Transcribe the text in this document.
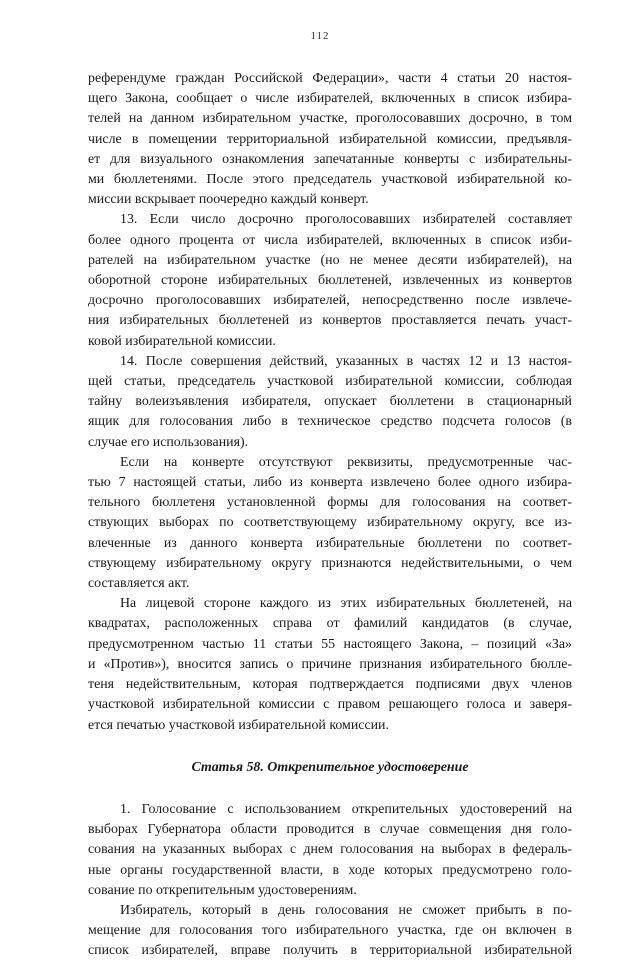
112
референдуме граждан Российской Федерации», части 4 статьи 20 настоя-
щего Закона, сообщает о числе избирателей, включенных в список избира-
телей на данном избирательном участке, проголосовавших досрочно, в том
числе в помещении территориальной избирательной комиссии, предъявля-
ет для визуального ознакомления запечатанные конверты с избирательны-
ми бюллетенями. После этого председатель участковой избирательной ко-
миссии вскрывает поочередно каждый конверт.
13. Если число досрочно проголосовавших избирателей составляет
более одного процента от числа избирателей, включенных в список изби-
рателей на избирательном участке (но не менее десяти избирателей), на
оборотной стороне избирательных бюллетеней, извлеченных из конвертов
досрочно проголосовавших избирателей, непосредственно после извлече-
ния избирательных бюллетеней из конвертов проставляется печать участ-
ковой избирательной комиссии.
14. После совершения действий, указанных в частях 12 и 13 настоя-
щей статьи, председатель участковой избирательной комиссии, соблюдая
тайну волеизъявления избирателя, опускает бюллетени в стационарный
ящик для голосования либо в техническое средство подсчета голосов (в
случае его использования).
Если на конверте отсутствуют реквизиты, предусмотренные час-
тью 7 настоящей статьи, либо из конверта извлечено более одного избира-
тельного бюллетеня установленной формы для голосования на соответ-
ствующих выборах по соответствующему избирательному округу, все из-
влеченные из данного конверта избирательные бюллетени по соответ-
ствующему избирательному округу признаются недействительными, о чем
составляется акт.
На лицевой стороне каждого из этих избирательных бюллетеней, на
квадратах, расположенных справа от фамилий кандидатов (в случае,
предусмотренном частью 11 статьи 55 настоящего Закона, – позиций «За»
и «Против»), вносится запись о причине признания избирательного бюлле-
теня недействительным, которая подтверждается подписями двух членов
участковой избирательной комиссии с правом решающего голоса и заверя-
ется печатью участковой избирательной комиссии.
Статья 58. Открепительное удостоверение
1. Голосование с использованием открепительных удостоверений на
выборах Губернатора области проводится в случае совмещения дня голо-
сования на указанных выборах с днем голосования на выборах в федераль-
ные органы государственной власти, в ходе которых предусмотрено голо-
сование по открепительным удостоверениям.
Избиратель, который в день голосования не сможет прибыть в по-
мещение для голосования того избирательного участка, где он включен в
список избирателей, вправе получить в территориальной избирательной
